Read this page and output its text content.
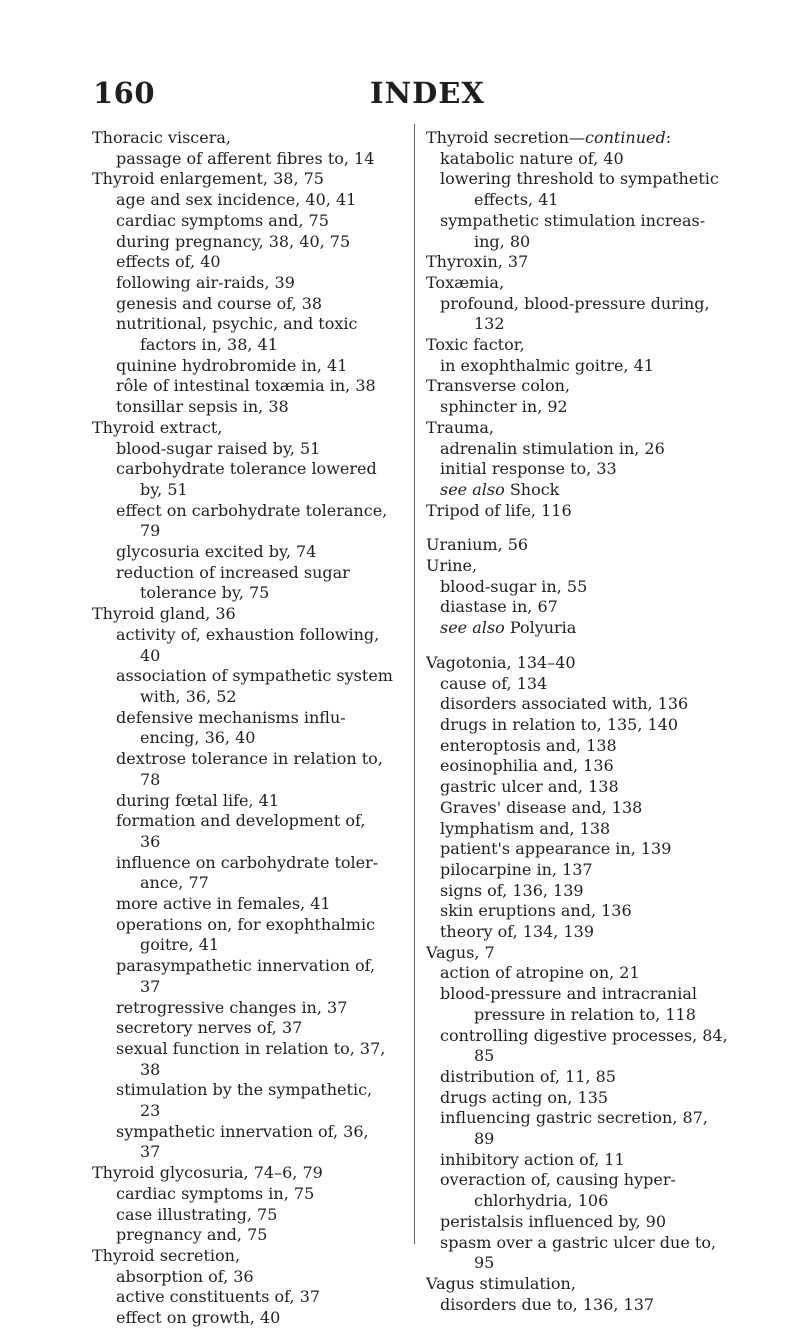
160	INDEX
Thoracic viscera,
passage of afferent fibres to, 14
Thyroid enlargement, 38, 75
age and sex incidence, 40, 41
cardiac symptoms and, 75
during pregnancy, 38, 40, 75
effects of, 40
following air-raids, 39
genesis and course of, 38
nutritional, psychic, and toxic
factors in, 38, 41
quinine hydrobromide in, 41
rôle of intestinal toxæmia in, 38
tonsillar sepsis in, 38
Thyroid extract,
blood-sugar raised by, 51
carbohydrate tolerance lowered
by, 51
effect on carbohydrate tolerance,
79
glycosuria excited by, 74
reduction of increased sugar
tolerance by, 75
Thyroid gland, 36
activity of, exhaustion following,
40
association of sympathetic system
with, 36, 52
defensive mechanisms influ-
encing, 36, 40
dextrose tolerance in relation to,
78
during fœtal life, 41
formation and development of,
36
influence on carbohydrate toler-
ance, 77
more active in females, 41
operations on, for exophthalmic
goitre, 41
parasympathetic innervation of,
37
retrogressive changes in, 37
secretory nerves of, 37
sexual function in relation to, 37,
38
stimulation by the sympathetic,
23
sympathetic innervation of, 36,
37
Thyroid glycosuria, 74–6, 79
cardiac symptoms in, 75
case illustrating, 75
pregnancy and, 75
Thyroid secretion,
absorption of, 36
active constituents of, 37
effect on growth, 40
Thyroid secretion—continued:
katabolic nature of, 40
lowering threshold to sympathetic
effects, 41
sympathetic stimulation increas-
ing, 80
Thyroxin, 37
Toxæmia,
profound, blood-pressure during,
132
Toxic factor,
in exophthalmic goitre, 41
Transverse colon,
sphincter in, 92
Trauma,
adrenalin stimulation in, 26
initial response to, 33
see also Shock
Tripod of life, 116
Uranium, 56
Urine,
blood-sugar in, 55
diastase in, 67
see also Polyuria
Vagotonia, 134–40
cause of, 134
disorders associated with, 136
drugs in relation to, 135, 140
enteroptosis and, 138
eosinophilia and, 136
gastric ulcer and, 138
Graves' disease and, 138
lymphatism and, 138
patient's appearance in, 139
pilocarpine in, 137
signs of, 136, 139
skin eruptions and, 136
theory of, 134, 139
Vagus, 7
action of atropine on, 21
blood-pressure and intracranial
pressure in relation to, 118
controlling digestive processes, 84,
85
distribution of, 11, 85
drugs acting on, 135
influencing gastric secretion, 87,
89
inhibitory action of, 11
overaction of, causing hyper-
chlorhydria, 106
peristalsis influenced by, 90
spasm over a gastric ulcer due to,
95
Vagus stimulation,
disorders due to, 136, 137
